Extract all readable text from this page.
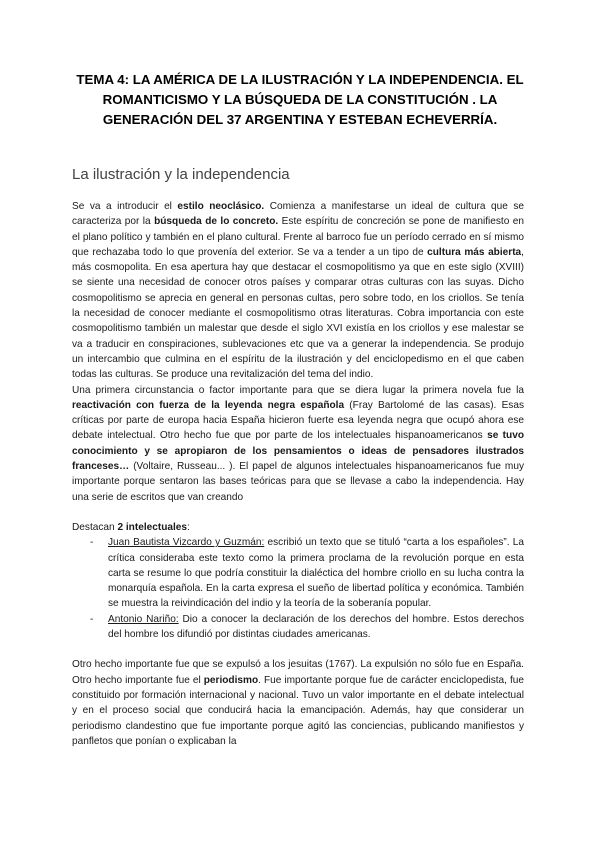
TEMA 4: LA AMÉRICA DE LA ILUSTRACIÓN Y LA INDEPENDENCIA. EL ROMANTICISMO Y LA BÚSQUEDA DE LA CONSTITUCIÓN . LA GENERACIÓN DEL 37 ARGENTINA Y ESTEBAN ECHEVERRÍA.
La ilustración y la independencia

Se va a introducir el estilo neoclásico. Comienza a manifestarse un ideal de cultura que se caracteriza por la búsqueda de lo concreto. Este espíritu de concreción se pone de manifiesto en el plano político y también en el plano cultural. Frente al barroco fue un período cerrado en sí mismo que rechazaba todo lo que provenía del exterior. Se va a tender a un tipo de cultura más abierta, más cosmopolita. En esa apertura hay que destacar el cosmopolitismo ya que en este siglo (XVIII) se siente una necesidad de conocer otros países y comparar otras culturas con las suyas. Dicho cosmopolitismo se aprecia en general en personas cultas, pero sobre todo, en los criollos. Se tenía la necesidad de conocer mediante el cosmopolitismo otras literaturas. Cobra importancia con este cosmopolitismo también un malestar que desde el siglo XVI existía en los criollos y ese malestar se va a traducir en conspiraciones, sublevaciones etc que va a generar la independencia. Se produjo un intercambio que culmina en el espíritu de la ilustración y del enciclopedismo en el que caben todas las culturas. Se produce una revitalización del tema del indio.

Una primera circunstancia o factor importante para que se diera lugar la primera novela fue la reactivación con fuerza de la leyenda negra española (Fray Bartolomé de las casas). Esas críticas por parte de europa hacia España hicieron fuerte esa leyenda negra que ocupó ahora ese debate intelectual. Otro hecho fue que por parte de los intelectuales hispanoamericanos se tuvo conocimiento y se apropiaron de los pensamientos o ideas de pensadores ilustrados franceses… (Voltaire, Russeau... ). El papel de algunos intelectuales hispanoamericanos fue muy importante porque sentaron las bases teóricas para que se llevase a cabo la independencia. Hay una serie de escritos que van creando

Destacan 2 intelectuales:

- Juan Bautista Vizcardo y Guzmán: escribió un texto que se tituló “carta a los españoles”. La crítica consideraba este texto como la primera proclama de la revolución porque en esta carta se resume lo que podría constituir la dialéctica del hombre criollo en su lucha contra la monarquía española. En la carta expresa el sueño de libertad política y económica. También se muestra la reivindicación del indio y la teoría de la soberanía popular.
- Antonio Nariño: Dio a conocer la declaración de los derechos del hombre. Estos derechos del hombre los difundió por distintas ciudades americanas.

Otro hecho importante fue que se expulsó a los jesuitas (1767). La expulsión no sólo fue en España. Otro hecho importante fue el periodismo. Fue importante porque fue de carácter enciclopedista, fue constituido por formación internacional y nacional. Tuvo un valor importante en el debate intelectual y en el proceso social que conducirá hacia la emancipación. Además, hay que considerar un periodismo clandestino que fue importante porque agitó las conciencias, publicando manifiestos y panfletos que ponían o explicaban la
